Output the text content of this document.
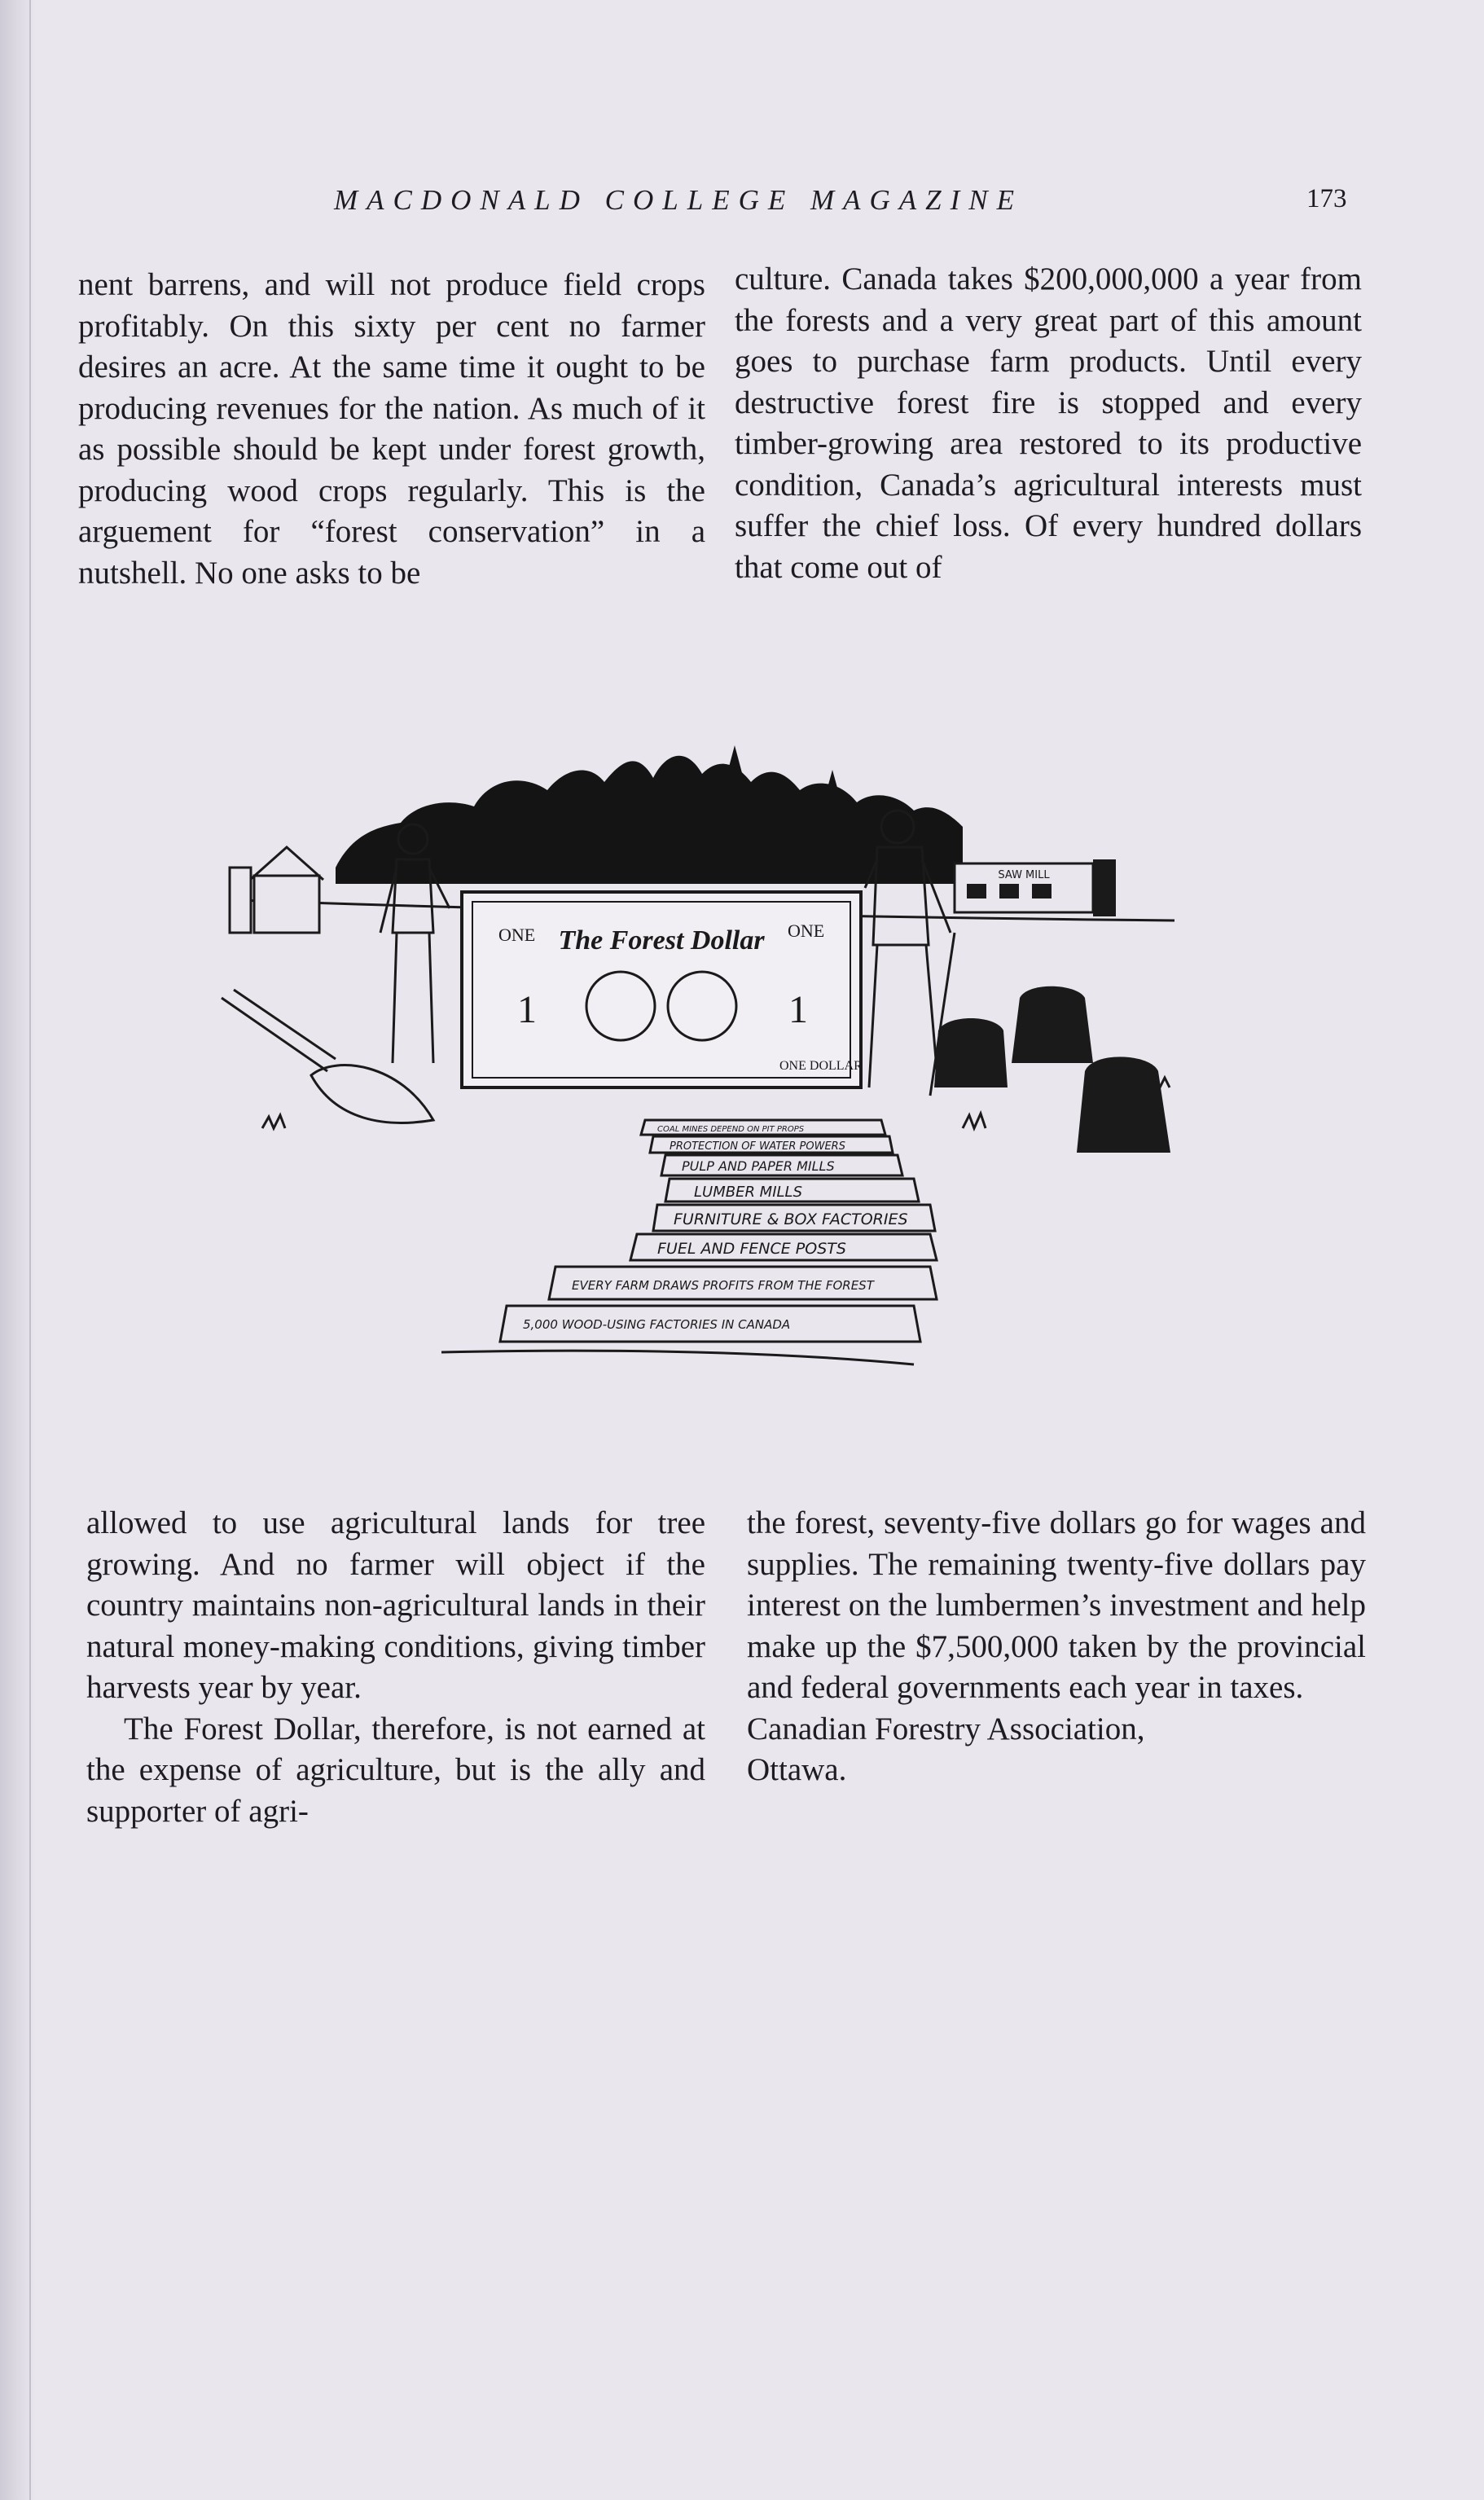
MACDONALD COLLEGE MAGAZINE	173

nent barrens, and will not produce field crops profitably. On this sixty per cent no farmer desires an acre. At the same time it ought to be producing revenues for the nation. As much of it as possible should be kept under forest growth, producing wood crops regularly. This is the arguement for “forest conservation” in a nutshell. No one asks to be

culture. Canada takes $200,000,000 a year from the forests and a very great part of this amount goes to purchase farm products. Until every destructive forest fire is stopped and every timber-growing area restored to its productive condition, Canada’s agricultural interests must suffer the chief loss. Of every hundred dollars that come out of

SAW MILL
ONE	ONE
The Forest Dollar
1	1
ONE DOLLAR
COAL MINES DEPEND ON PIT PROPS
PROTECTION OF WATER POWERS
PULP AND PAPER MILLS
LUMBER MILLS
FURNITURE & BOX FACTORIES
FUEL AND FENCE POSTS
EVERY FARM DRAWS PROFITS FROM THE FOREST
5,000 WOOD-USING FACTORIES IN CANADA

allowed to use agricultural lands for tree growing. And no farmer will object if the country maintains non-agricultural lands in their natural money-making conditions, giving timber harvests year by year.

The Forest Dollar, therefore, is not earned at the expense of agriculture, but is the ally and supporter of agri-

the forest, seventy-five dollars go for wages and supplies. The remaining twenty-five dollars pay interest on the lumbermen’s investment and help make up the $7,500,000 taken by the provincial and federal governments each year in taxes.

Canadian Forestry Association,

Ottawa.
